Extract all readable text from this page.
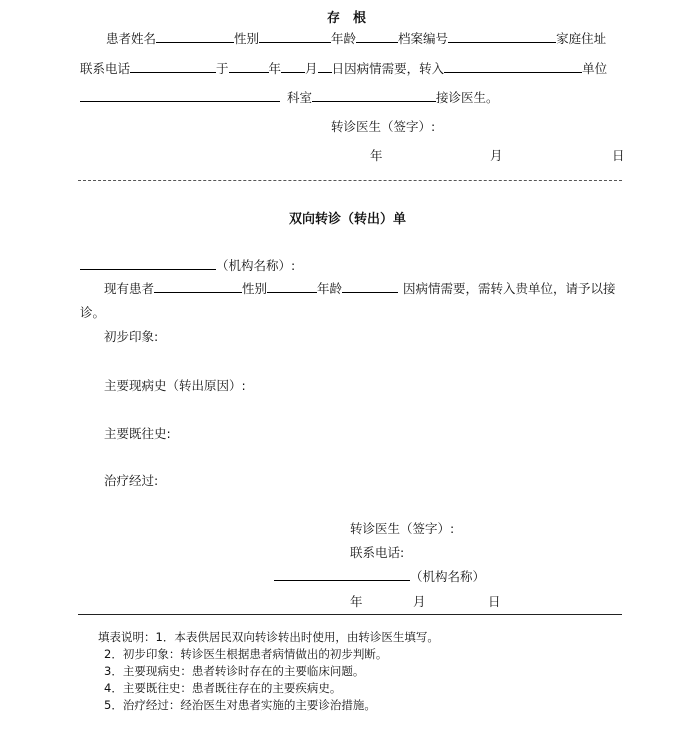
存　根
患者姓名	性别	年龄	档案编号	家庭住址
联系电话	于	年 月 日因病情需要，转入	单位
科室	接诊医生。
转诊医生（签字）:
年	月	日
双向转诊（转出）单
（机构名称）:
现有患者	性别	年龄	因病情需要，需转入贵单位，请予以接
诊。
初步印象:
主要现病史（转出原因）:
主要既往史:
治疗经过:
转诊医生（签字）:
联系电话:
（机构名称）
年	月	日
填表说明：1．本表供居民双向转诊转出时使用，由转诊医生填写。
2．初步印象：转诊医生根据患者病情做出的初步判断。
3．主要现病史：患者转诊时存在的主要临床问题。
4．主要既往史：患者既往存在的主要疾病史。
5．治疗经过：经治医生对患者实施的主要诊治措施。
